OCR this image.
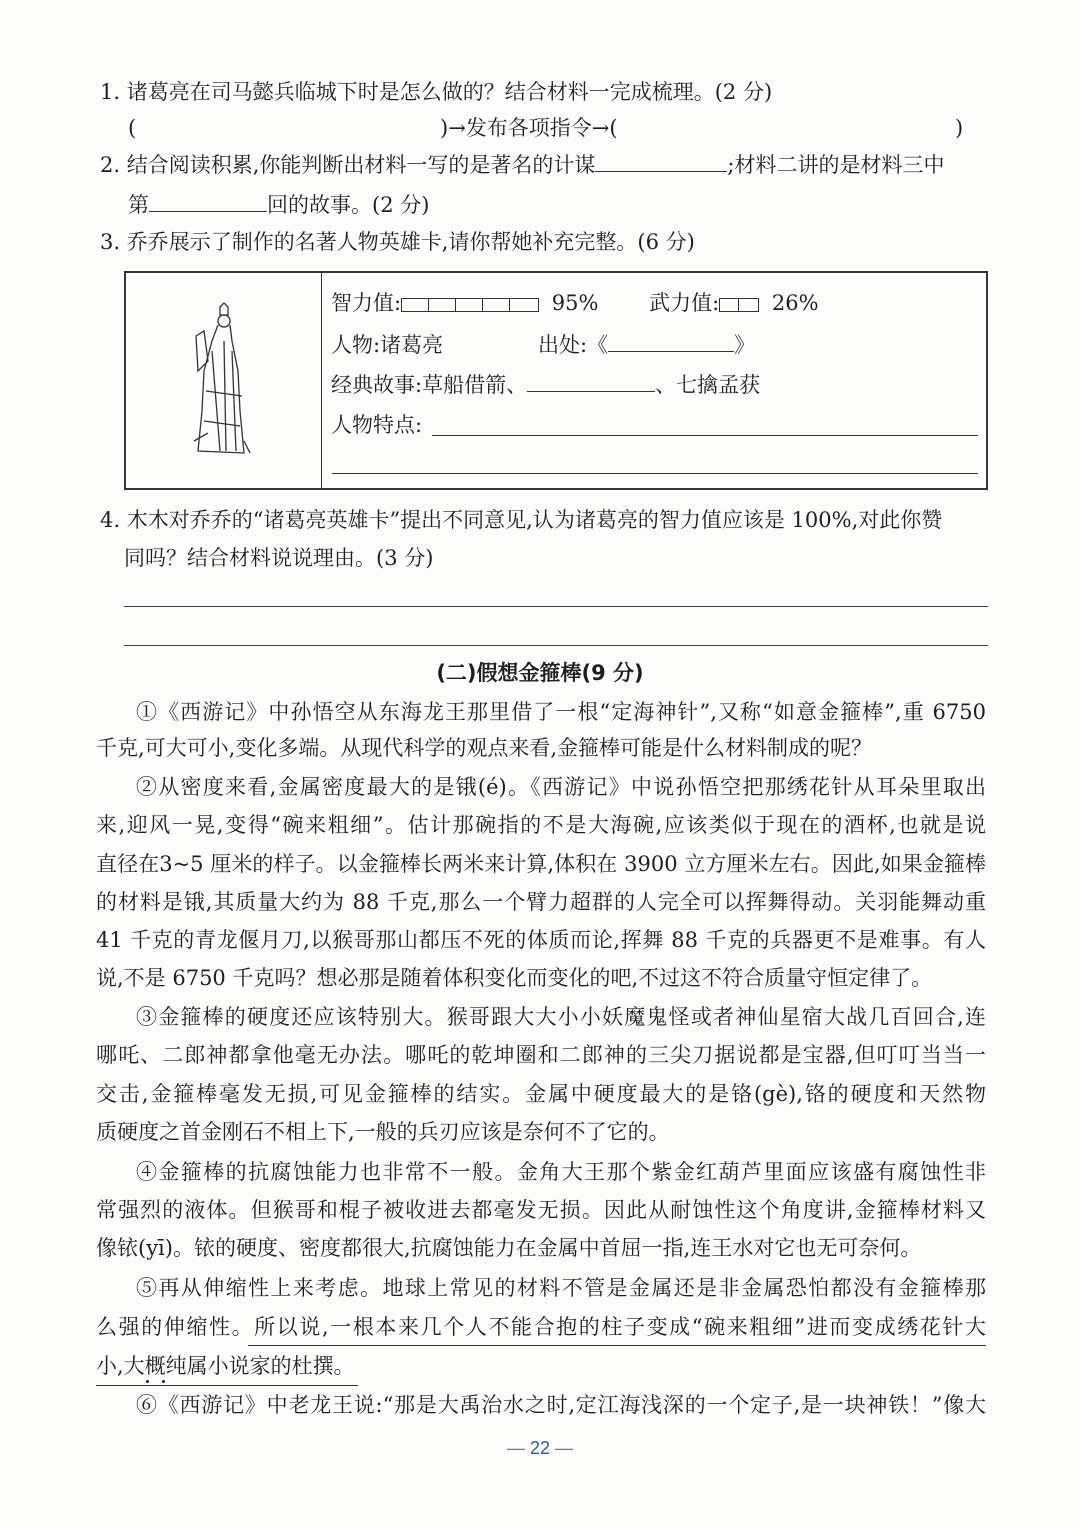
1. 诸葛亮在司马懿兵临城下时是怎么做的？结合材料一完成梳理。(2 分)
(	)→发布各项指令→(	)
2. 结合阅读积累,你能判断出材料一写的是著名的计谋	;材料二讲的是材料三中
第	回的故事。(2 分)
3. 乔乔展示了制作的名著人物英雄卡,请你帮她补充完整。(6 分)
智力值:	95% 武力值:	26%
人物:诸葛亮	出处:《	》
经典故事:草船借箭、	、七擒孟获
人物特点:
4. 木木对乔乔的“诸葛亮英雄卡”提出不同意见,认为诸葛亮的智力值应该是 100%,对此你赞
同吗？结合材料说说理由。(3 分)
(二)假想金箍棒(9 分)
①《西游记》中孙悟空从东海龙王那里借了一根“定海神针”,又称“如意金箍棒”,重 6750
千克,可大可小,变化多端。从现代科学的观点来看,金箍棒可能是什么材料制成的呢？
②从密度来看,金属密度最大的是锇(é)。《西游记》中说孙悟空把那绣花针从耳朵里取出
来,迎风一晃,变得“碗来粗细”。估计那碗指的不是大海碗,应该类似于现在的酒杯,也就是说
直径在3~5 厘米的样子。以金箍棒长两米来计算,体积在 3900 立方厘米左右。因此,如果金箍棒
的材料是锇,其质量大约为 88 千克,那么一个臂力超群的人完全可以挥舞得动。关羽能舞动重
41 千克的青龙偃月刀,以猴哥那山都压不死的体质而论,挥舞 88 千克的兵器更不是难事。有人
说,不是 6750 千克吗？想必那是随着体积变化而变化的吧,不过这不符合质量守恒定律了。
③金箍棒的硬度还应该特别大。猴哥跟大大小小妖魔鬼怪或者神仙星宿大战几百回合,连
哪吒、二郎神都拿他毫无办法。哪吒的乾坤圈和二郎神的三尖刀据说都是宝器,但叮叮当当一
交击,金箍棒毫发无损,可见金箍棒的结实。金属中硬度最大的是铬(gè),铬的硬度和天然物
质硬度之首金刚石不相上下,一般的兵刃应该是奈何不了它的。
④金箍棒的抗腐蚀能力也非常不一般。金角大王那个紫金红葫芦里面应该盛有腐蚀性非
常强烈的液体。但猴哥和棍子被收进去都毫发无损。因此从耐蚀性这个角度讲,金箍棒材料又
像铱(yī)。铱的硬度、密度都很大,抗腐蚀能力在金属中首屈一指,连王水对它也无可奈何。
⑤再从伸缩性上来考虑。地球上常见的材料不管是金属还是非金属恐怕都没有金箍棒那
么强的伸缩性。所以说,一根本来几个人不能合抱的柱子变成“碗来粗细”进而变成绣花针大
小,大概纯属小说家的杜撰。
⑥《西游记》中老龙王说:“那是大禹治水之时,定江海浅深的一个定子,是一块神铁！”像大
— 22 —
